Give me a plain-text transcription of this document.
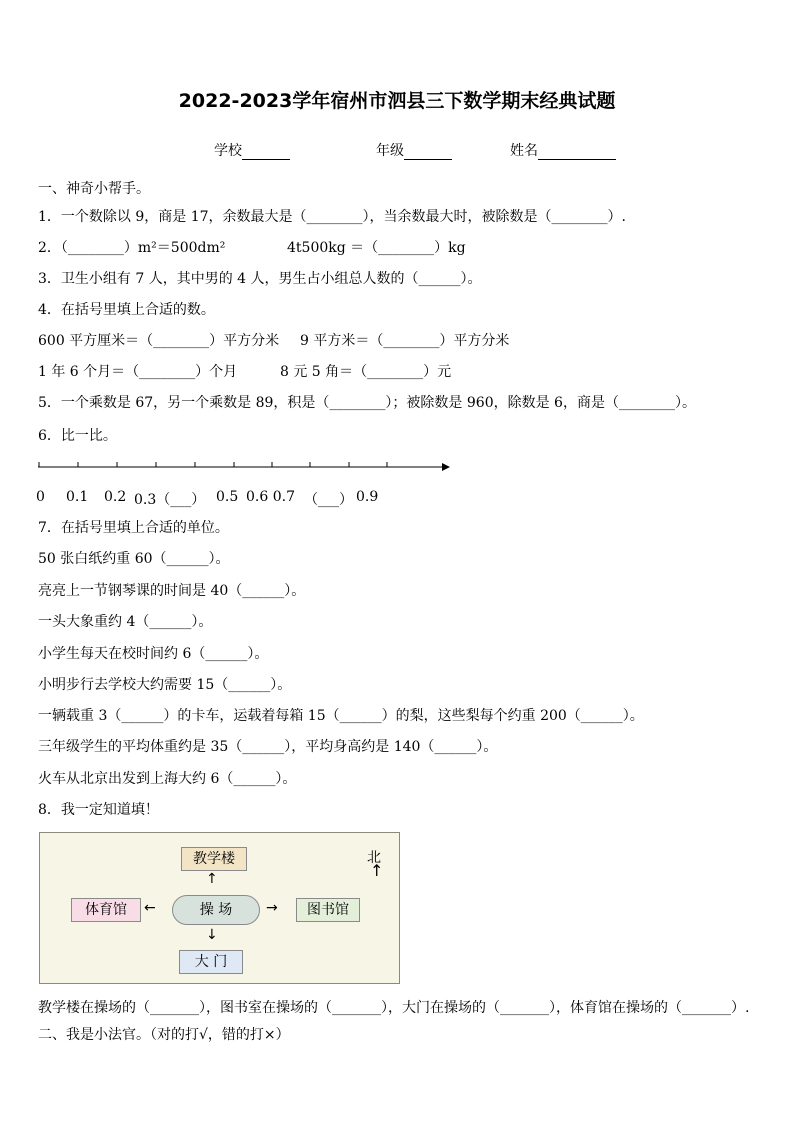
2022-2023学年宿州市泗县三下数学期末经典试题
学校	年级	姓名
一、神奇小帮手。
1．一个数除以 9，商是 17，余数最大是（________），当余数最大时，被除数是（________）.
2．（________）m²＝500dm²	4t500kg ＝（________）kg
3．卫生小组有 7 人，其中男的 4 人，男生占小组总人数的（______）。
4．在括号里填上合适的数。
600 平方厘米＝（________）平方分米 9 平方米＝（________）平方分米
1 年 6 个月＝（________）个月	8 元 5 角＝（________）元
5．一个乘数是 67，另一个乘数是 89，积是（________）；被除数是 960，除数是 6，商是（________）。
6．比一比。
0 0.1 0.2 0.3（___） 0.5 0.6 0.7 （___） 0.9
7．在括号里填上合适的单位。
50 张白纸约重 60（______）。
亮亮上一节钢琴课的时间是 40（______）。
一头大象重约 4（______）。
小学生每天在校时间约 6（______）。
小明步行去学校大约需要 15（______）。
一辆载重 3（______）的卡车，运载着每箱 15（______）的梨，这些梨每个约重 200（______）。
三年级学生的平均体重约是 35（______），平均身高约是 140（______）。
火车从北京出发到上海大约 6（______）。
8．我一定知道填！
教学楼
↑
体育馆	←	操 场	→	图书馆
↓
大 门
北
↑
教学楼在操场的（_______），图书室在操场的（_______），大门在操场的（_______），体育馆在操场的（_______）.
二、我是小法官。（对的打√，错的打×）
